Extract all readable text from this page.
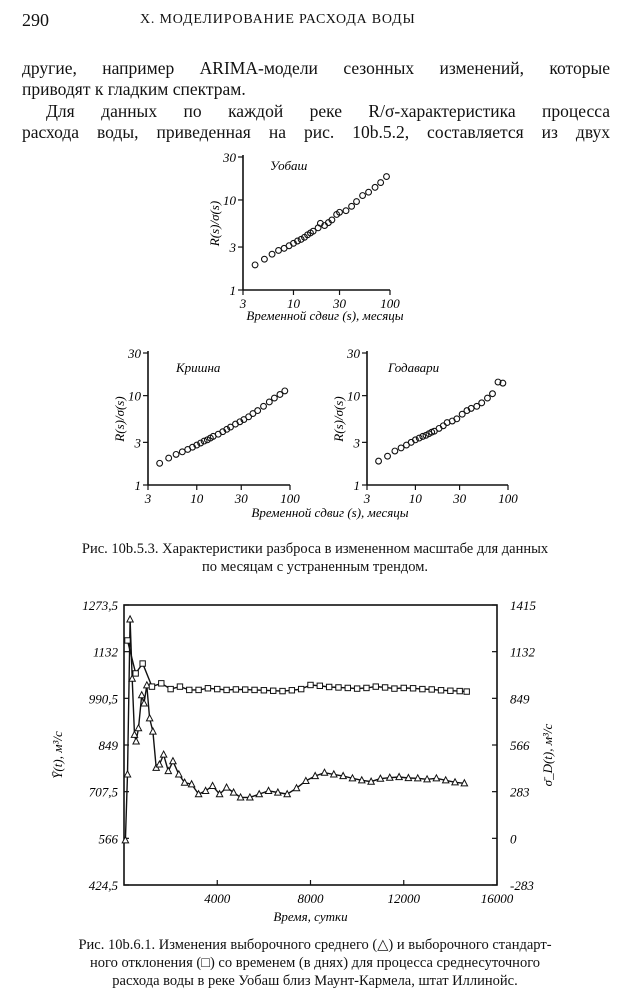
290	X. МОДЕЛИРОВАНИЕ РАСХОДА ВОДЫ
другие, например ARIMA-модели сезонных изменений, которые
приводят к гладким спектрам.
Для данных по каждой реке R/σ-характеристика процесса
расхода воды, приведенная на рис. 10b.5.2, составляется из двух
1
3
10
30
3	10	30	100
R(s)/σ(s)
Уобаш
1
3
10
30
3	10 30	100
R(s)/σ(s)
Кришна
1
3
10
30
3	10 30 100
R(s)/σ(s)
Годавари
Временной сдвиг (s), месяцы
Временной сдвиг (s), месяцы
Рис. 10b.5.3. Характеристики разброса в измененном масштабе для данных
по месяцам с устраненным трендом.
1273,5
1132
990,5
849
707,5
566
424,5
1415
1132
849
566
283
0
-283
4000	8000	12000	16000
Время, сутки
Ȳ(t), м³/с	σ̄_D(t), м³/с
Рис. 10b.6.1. Изменения выборочного среднего (△) и выборочного стандарт-
ного отклонения (□) со временем (в днях) для процесса среднесуточного
расхода воды в реке Уобаш близ Маунт-Кармела, штат Иллинойс.
